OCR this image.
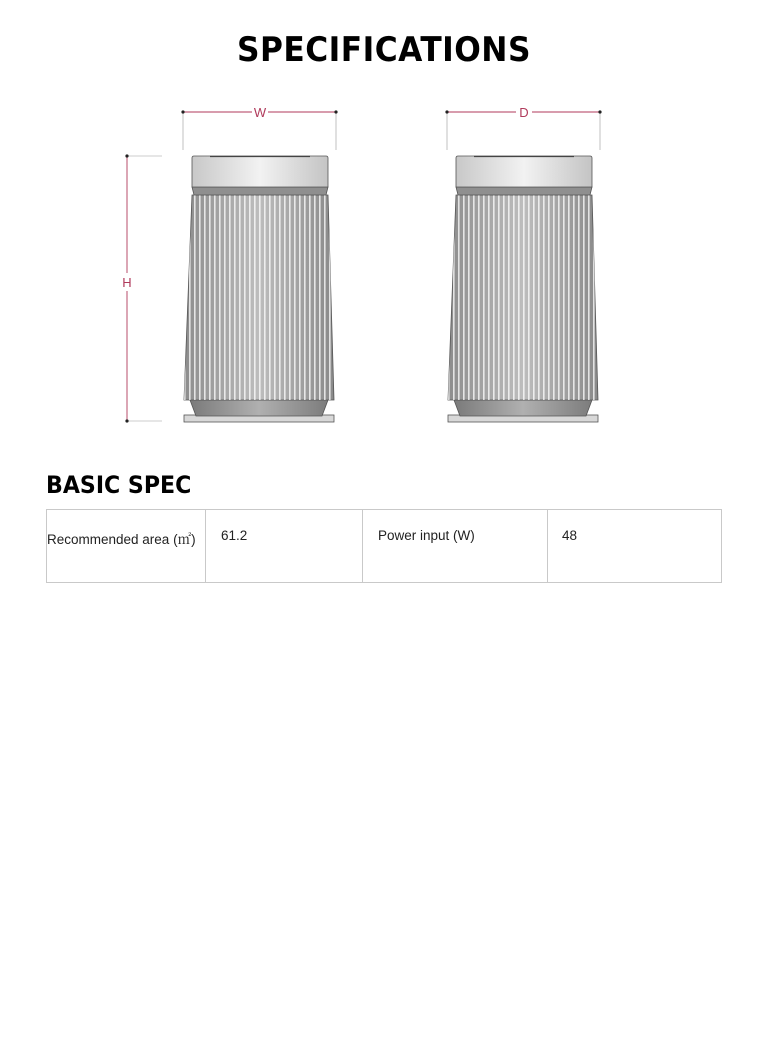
SPECIFICATIONS
W	D
H
BASIC SPEC
Recommended area (㎡)	61.2	Power input (W)	48
